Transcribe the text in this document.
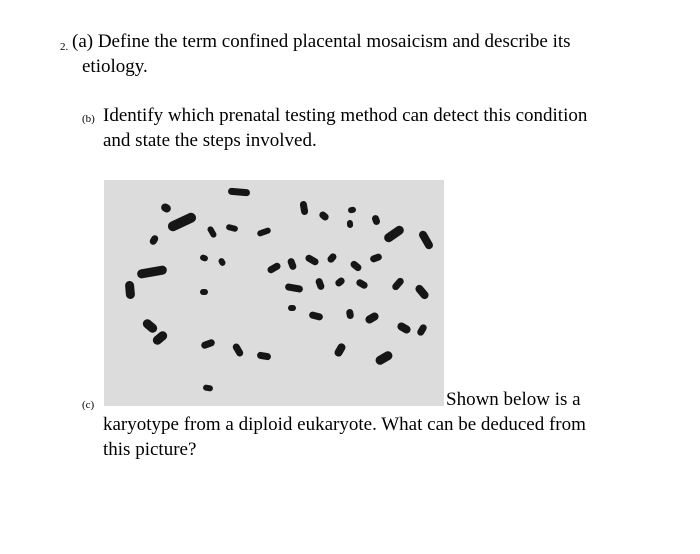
2. (a) Define the term confined placental mosaicism and describe its
etiology.
(b) Identify which prenatal testing method can detect this condition
and state the steps involved.
(c)	Shown below is a
karyotype from a diploid eukaryote. What can be deduced from
this picture?
